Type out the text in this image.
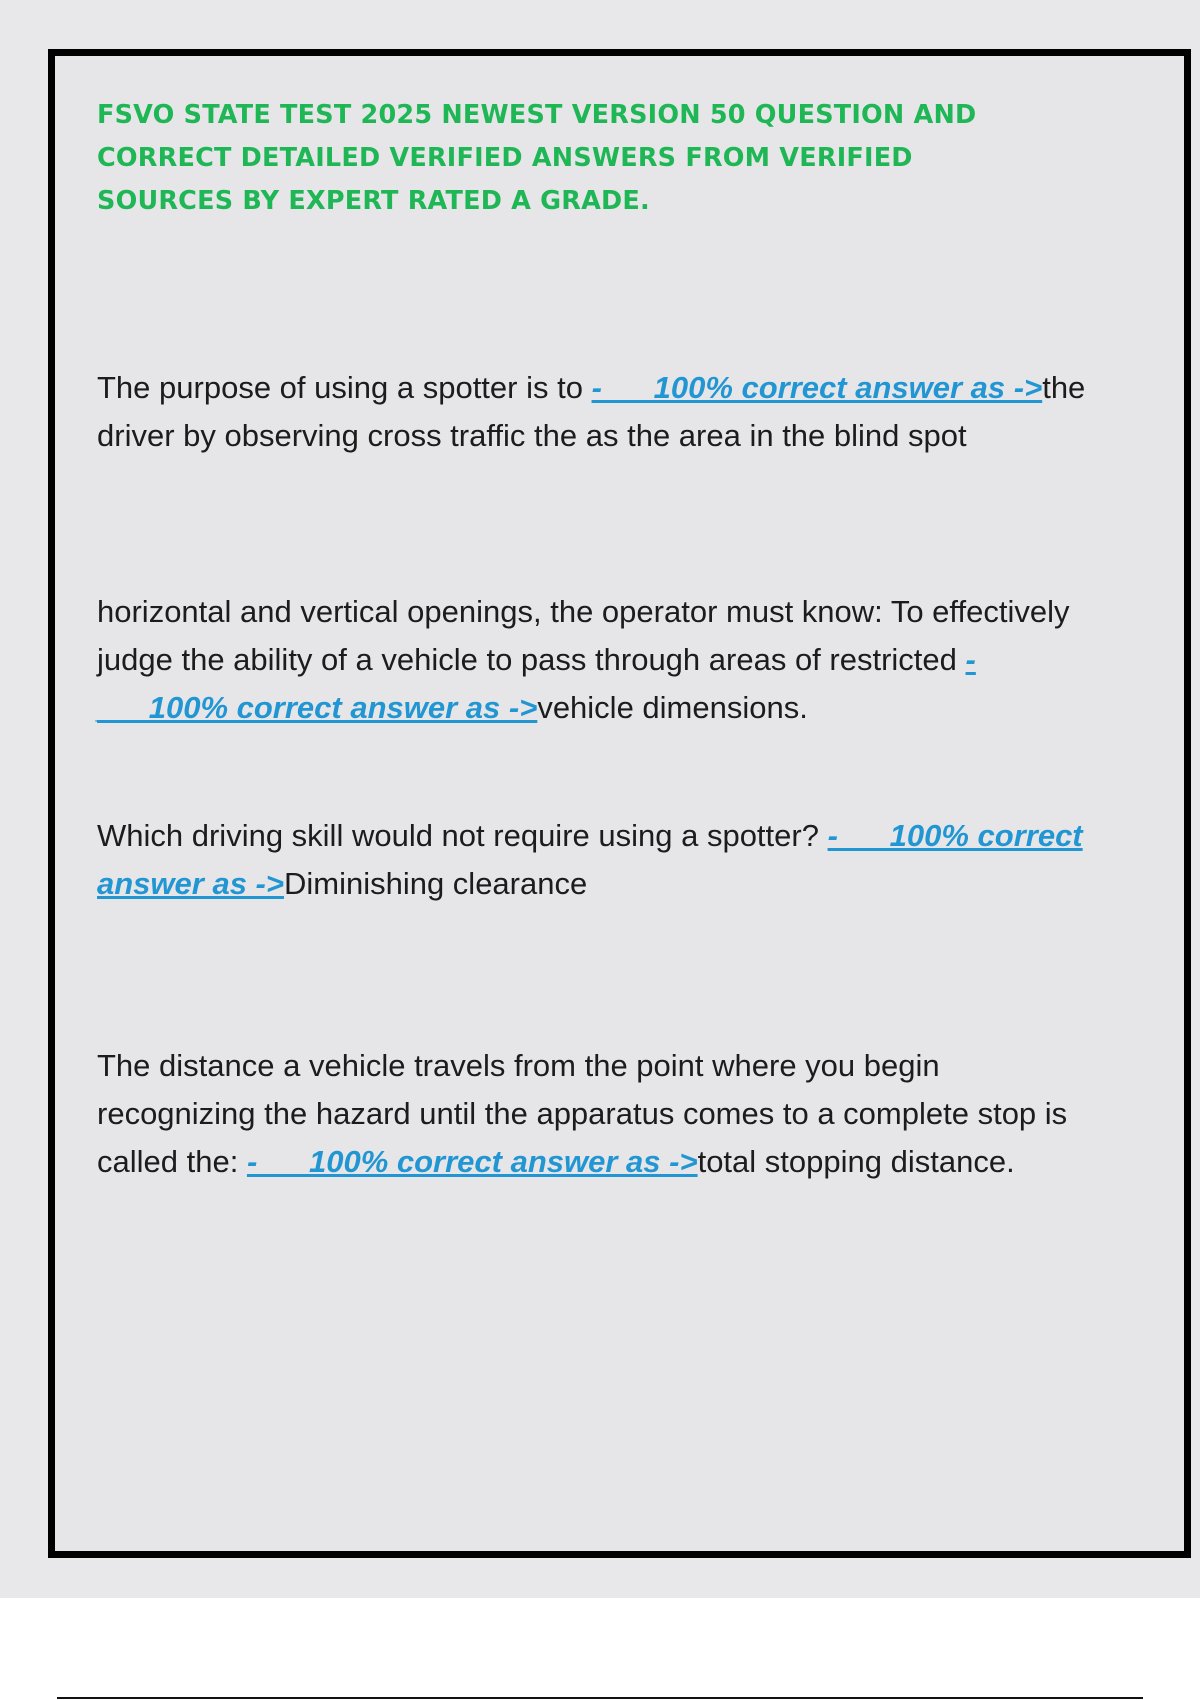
FSVO STATE TEST 2025 NEWEST VERSION 50 QUESTION AND CORRECT DETAILED VERIFIED ANSWERS FROM VERIFIED SOURCES BY EXPERT RATED A GRADE.

The purpose of using a spotter is to -___100% correct answer as ->the driver by observing cross traffic the as the area in the blind spot

horizontal and vertical openings, the operator must know: To effectively judge the ability of a vehicle to pass through areas of restricted -___100% correct answer as ->vehicle dimensions.

Which driving skill would not require using a spotter? -___100% correct answer as ->Diminishing clearance

The distance a vehicle travels from the point where you begin recognizing the hazard until the apparatus comes to a complete stop is called the: -___100% correct answer as ->total stopping distance.
